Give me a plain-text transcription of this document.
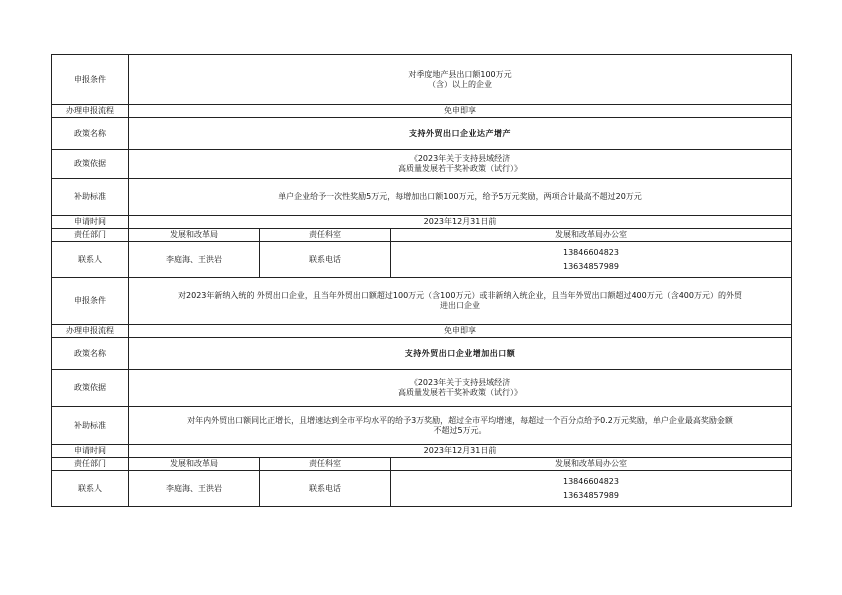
申报条件	对季度地产县出口额100万元
（含）以上的企业		

办理申报流程	免申即享		
政策名称	支持外贸出口企业达产增产		
政策依据	《2023年关于支持县域经济
高质量发展若干奖补政策（试行）》		

补助标准	单户企业给予一次性奖励5万元，每增加出口额100万元，给予5万元奖励，两项合计最高不超过20万元		

申请时间	2023年12月31日前		
责任部门	发展和改革局	责任科室	发展和改革局办公室
联系人	李庭海、王洪岩	联系电话	13846604823
13634857989

申报条件	对2023年新纳入统的 外贸出口企业，且当年外贸出口额超过100万元（含100万元）或非新纳入统企业，且当年外贸出口额超过400万元（含400万元）的外贸
进出口企业		

办理申报流程	免申即享		
政策名称	支持外贸出口企业增加出口额		
政策依据	《2023年关于支持县域经济
高质量发展若干奖补政策（试行）》		

补助标准	对年内外贸出口额同比正增长，且增速达到全市平均水平的给予3万奖励，超过全市平均增速，每超过一个百分点给予0.2万元奖励，单户企业最高奖励金额
不超过5万元。		

申请时间	2023年12月31日前		
责任部门	发展和改革局	责任科室	发展和改革局办公室
联系人	李庭海、王洪岩	联系电话	13846604823
13634857989
